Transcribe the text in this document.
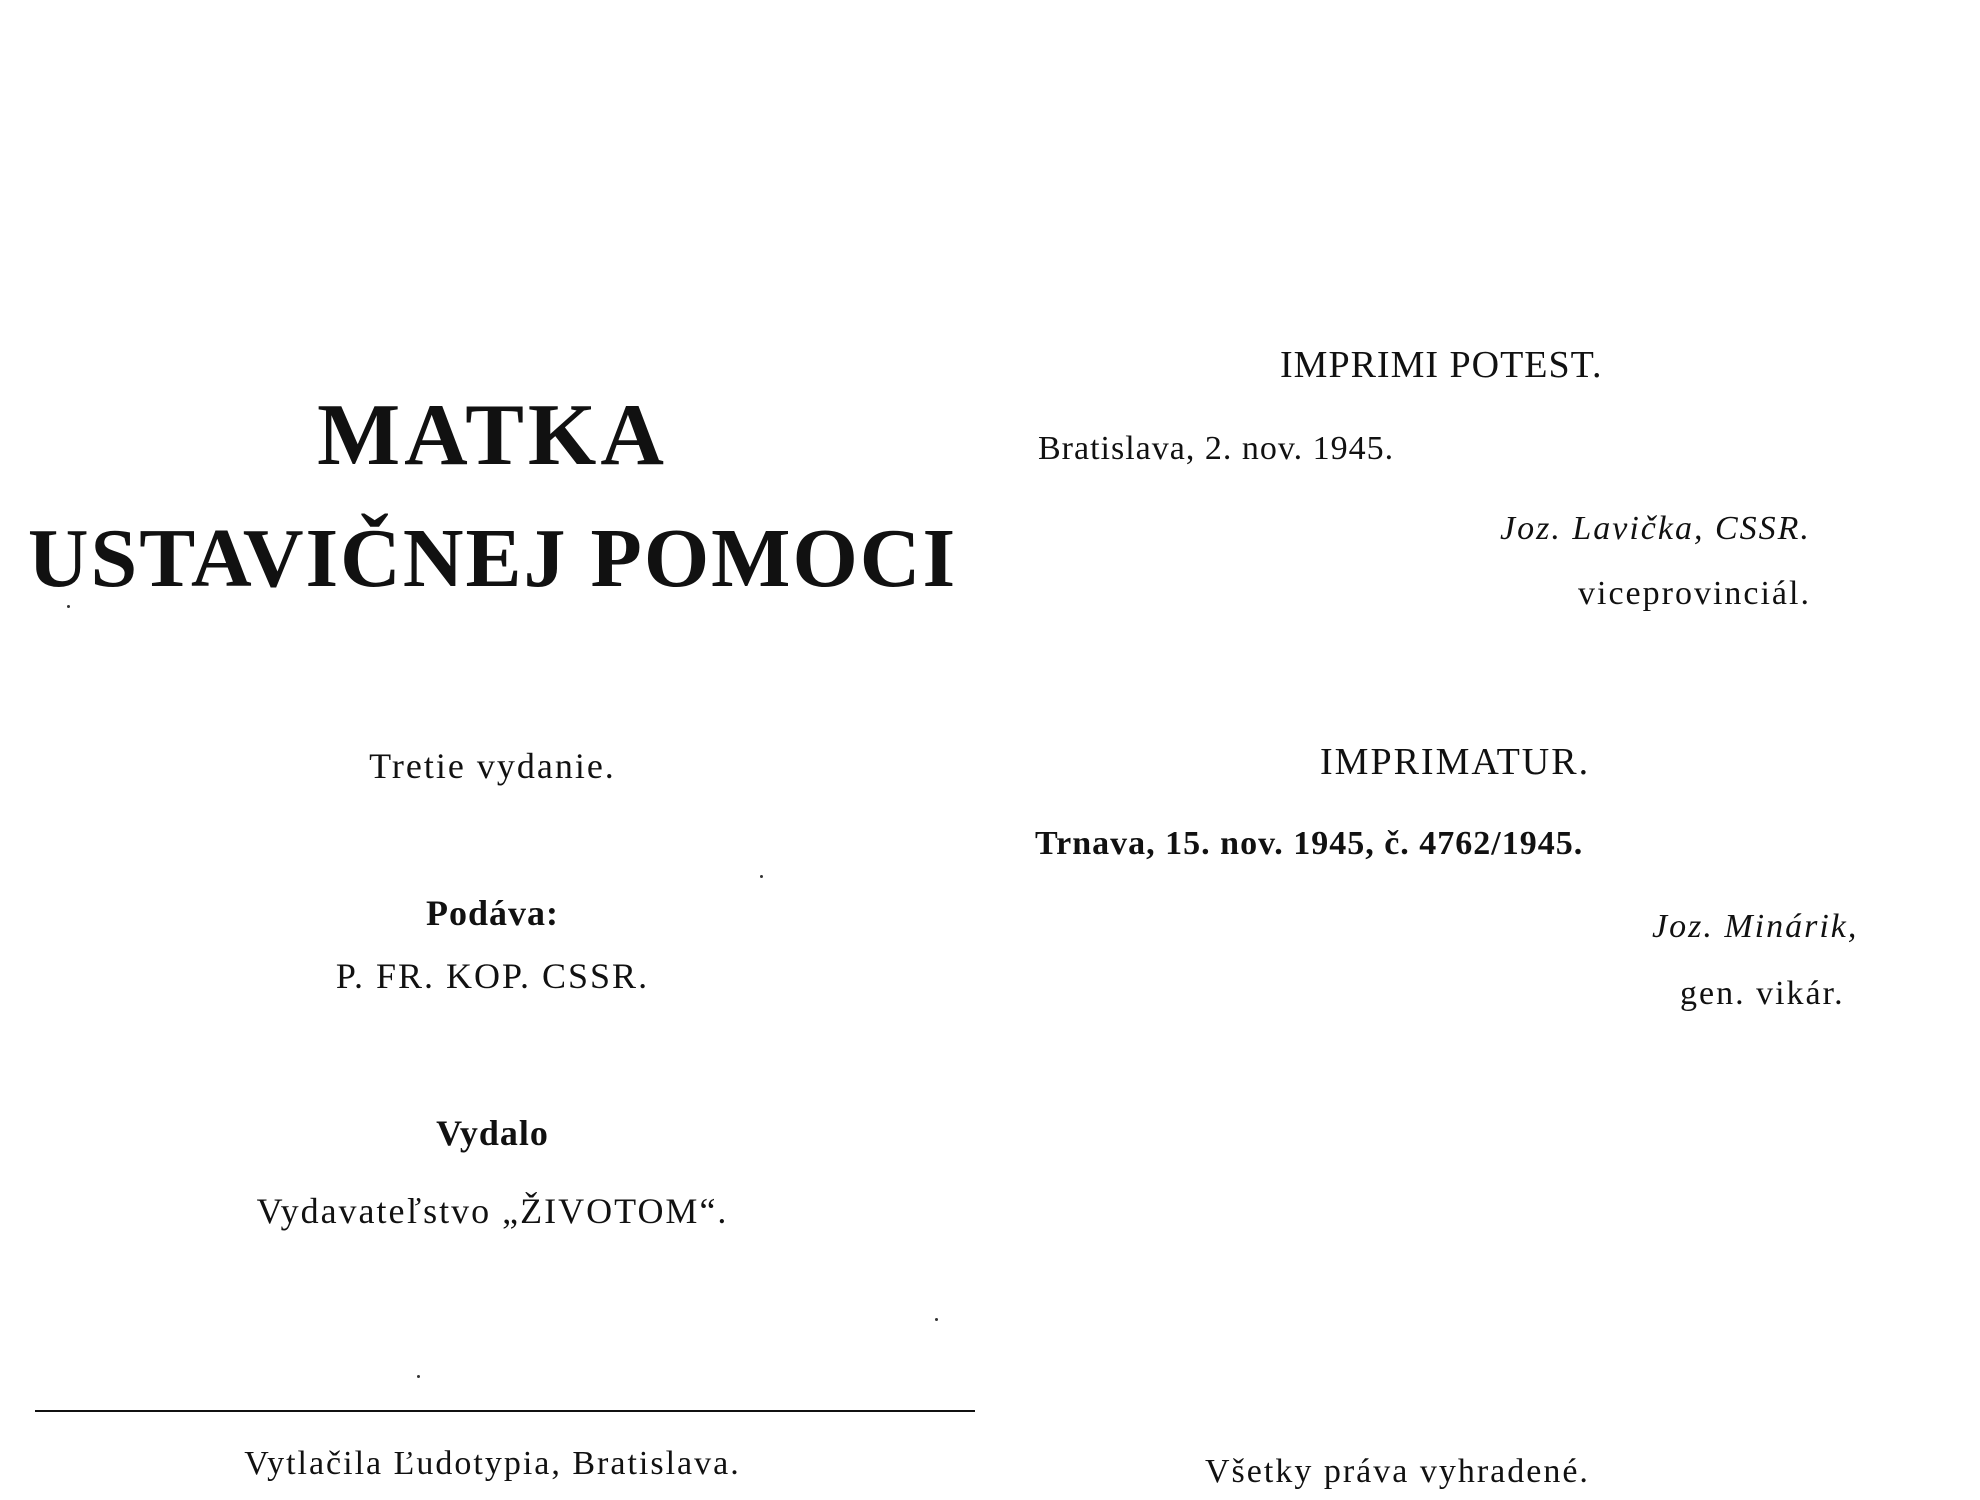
MATKA
USTAVIČNEJ POMOCI
Tretie vydanie.
Podáva:
P. FR. KOP. CSSR.
Vydalo
Vydavateľstvo „ŽIVOTOM“.
Vytlačila Ľudotypia, Bratislava.
IMPRIMI POTEST.
Bratislava, 2. nov. 1945.
Joz. Lavička, CSSR.
viceprovinciál.
IMPRIMATUR.
Trnava, 15. nov. 1945, č. 4762/1945.
Joz. Minárik,
gen. vikár.
Všetky práva vyhradené.
